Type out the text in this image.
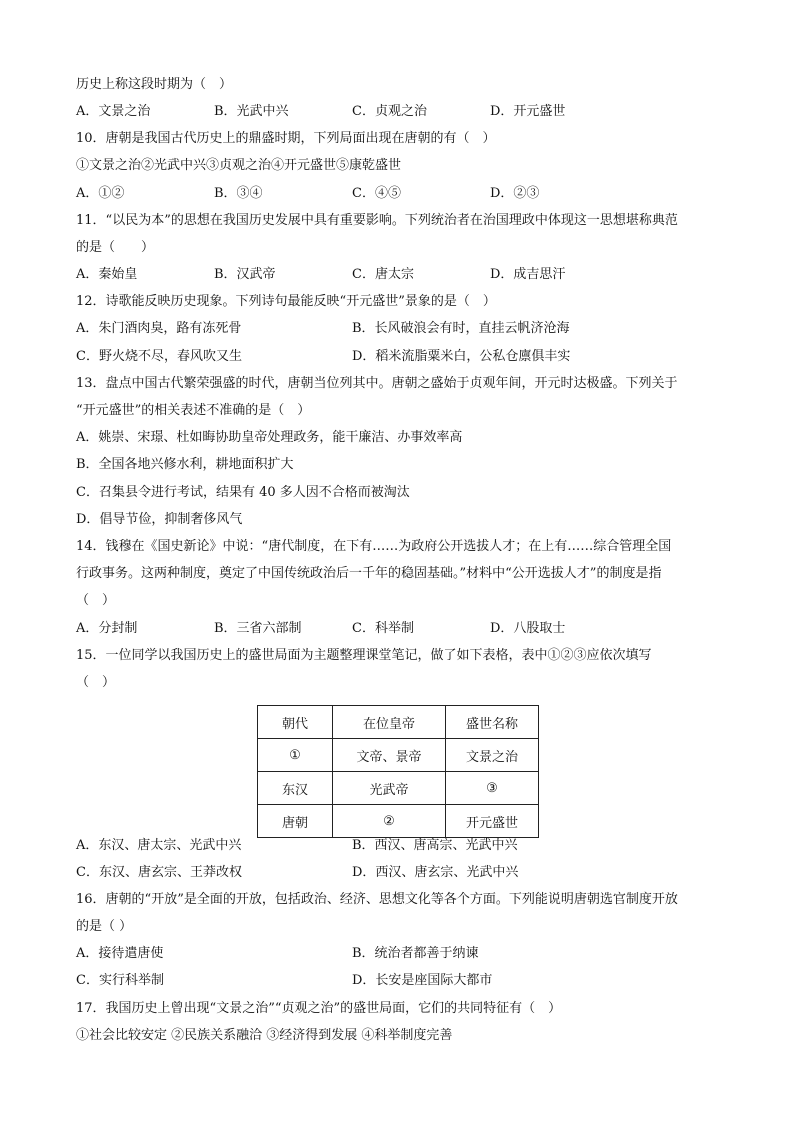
历史上称这段时期为（　）
A．文景之治	B．光武中兴	C．贞观之治	D．开元盛世
10．唐朝是我国古代历史上的鼎盛时期，下列局面出现在唐朝的有（　）
①文景之治②光武中兴③贞观之治④开元盛世⑤康乾盛世
A．①②	B．③④	C．④⑤	D．②③
11．“以民为本”的思想在我国历史发展中具有重要影响。下列统治者在治国理政中体现这一思想堪称典范
的是（　　）
A．秦始皇	B．汉武帝	C．唐太宗	D．成吉思汗
12．诗歌能反映历史现象。下列诗句最能反映“开元盛世”景象的是（　）
A．朱门酒肉臭，路有冻死骨	B．长风破浪会有时，直挂云帆济沧海
C．野火烧不尽，春风吹又生	D．稻米流脂粟米白，公私仓廪俱丰实
13．盘点中国古代繁荣强盛的时代，唐朝当位列其中。唐朝之盛始于贞观年间，开元时达极盛。下列关于
“开元盛世”的相关表述不准确的是（　）
A．姚崇、宋璟、杜如晦协助皇帝处理政务，能干廉洁、办事效率高
B．全国各地兴修水利，耕地面积扩大
C．召集县令进行考试，结果有 40 多人因不合格而被淘汰
D．倡导节俭，抑制奢侈风气
14．钱穆在《国史新论》中说：“唐代制度，在下有……为政府公开选拔人才；在上有……综合管理全国
行政事务。这两种制度，奠定了中国传统政治后一千年的稳固基础。”材料中“公开选拔人才”的制度是指
（　）
A．分封制	B．三省六部制	C．科举制	D．八股取士
15．一位同学以我国历史上的盛世局面为主题整理课堂笔记，做了如下表格，表中①②③应依次填写
（　）
朝代	在位皇帝	盛世名称
①	文帝、景帝	文景之治
东汉	光武帝	③
唐朝	②	开元盛世
A．东汉、唐太宗、光武中兴	B．西汉、唐高宗、光武中兴
C．东汉、唐玄宗、王莽改权	D．西汉、唐玄宗、光武中兴
16．唐朝的“开放”是全面的开放，包括政治、经济、思想文化等各个方面。下列能说明唐朝选官制度开放
的是（ ）
A．接待遣唐使	B．统治者都善于纳谏
C．实行科举制	D．长安是座国际大都市
17．我国历史上曾出现“文景之治”“贞观之治”的盛世局面，它们的共同特征有（　）
①社会比较安定 ②民族关系融洽 ③经济得到发展 ④科举制度完善
